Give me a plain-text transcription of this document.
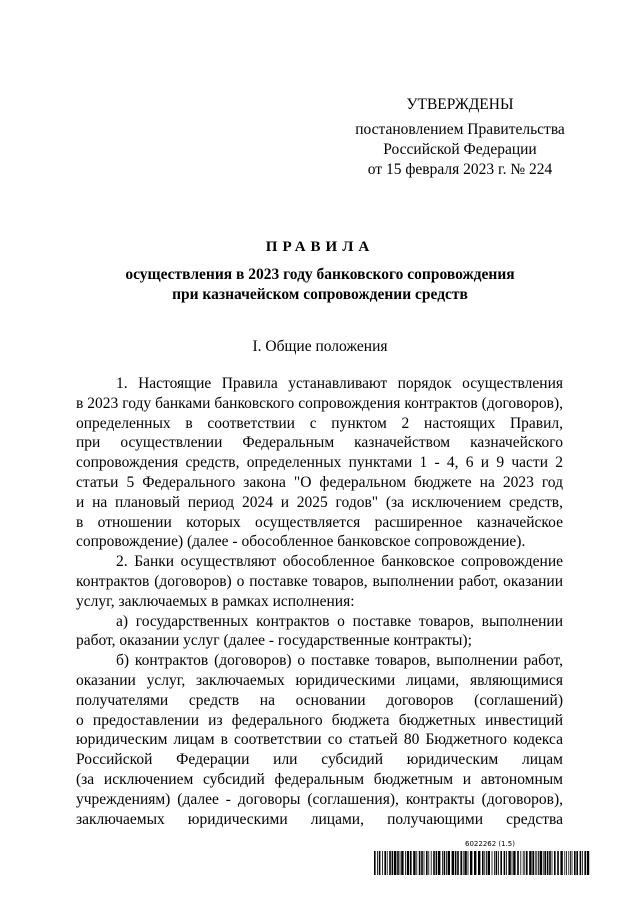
УТВЕРЖДЕНЫ
постановлением Правительства
Российской Федерации
от 15 февраля 2023 г. № 224
ПРАВИЛА
осуществления в 2023 году банковского сопровождения
при казначейском сопровождении средств
I. Общие положения
1. Настоящие Правила устанавливают порядок осуществления
в 2023 году банками банковского сопровождения контрактов (договоров),
определенных в соответствии с пунктом 2 настоящих Правил,
при осуществлении Федеральным казначейством казначейского
сопровождения средств, определенных пунктами 1 - 4, 6 и 9 части 2
статьи 5 Федерального закона "О федеральном бюджете на 2023 год
и на плановый период 2024 и 2025 годов" (за исключением средств,
в отношении которых осуществляется расширенное казначейское
сопровождение) (далее - обособленное банковское сопровождение).
2. Банки осуществляют обособленное банковское сопровождение
контрактов (договоров) о поставке товаров, выполнении работ, оказании
услуг, заключаемых в рамках исполнения:
а) государственных контрактов о поставке товаров, выполнении
работ, оказании услуг (далее - государственные контракты);
б) контрактов (договоров) о поставке товаров, выполнении работ,
оказании услуг, заключаемых юридическими лицами, являющимися
получателями средств на основании договоров (соглашений)
о предоставлении из федерального бюджета бюджетных инвестиций
юридическим лицам в соответствии со статьей 80 Бюджетного кодекса
Российской Федерации или субсидий юридическим лицам
(за исключением субсидий федеральным бюджетным и автономным
учреждениям) (далее - договоры (соглашения), контракты (договоров),
заключаемых юридическими лицами, получающими средства
6022262 (1.5)
